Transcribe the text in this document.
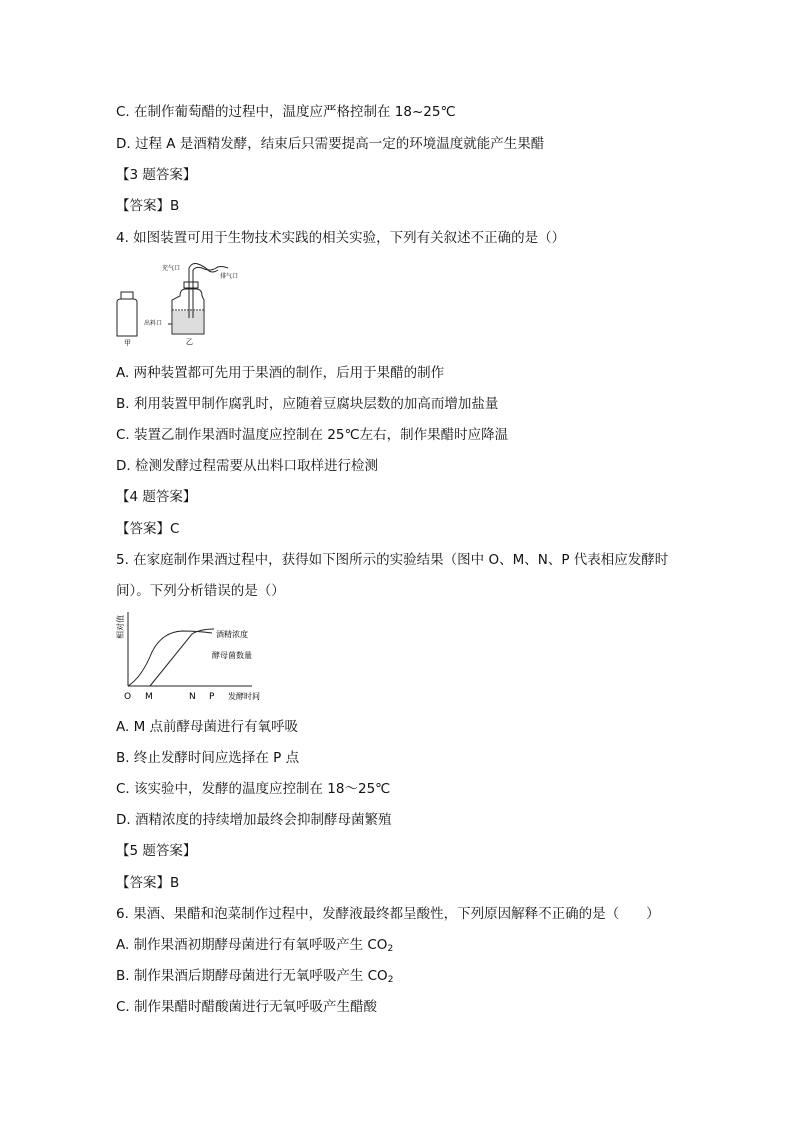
C. 在制作葡萄醋的过程中，温度应严格控制在 18~25℃
D. 过程 A 是酒精发酵，结束后只需要提高一定的环境温度就能产生果醋
【3 题答案】
【答案】B
4. 如图装置可用于生物技术实践的相关实验，下列有关叙述不正确的是（）
甲
充气口
排气口
出料口
乙
A. 两种装置都可先用于果酒的制作，后用于果醋的制作
B. 利用装置甲制作腐乳时，应随着豆腐块层数的加高而增加盐量
C. 装置乙制作果酒时温度应控制在 25℃左右，制作果醋时应降温
D. 检测发酵过程需要从出料口取样进行检测
【4 题答案】
【答案】C
5. 在家庭制作果酒过程中，获得如下图所示的实验结果（图中 O、M、N、P 代表相应发酵时
间）。下列分析错误的是（）
相对值	酒精浓度
酵母菌数量
O M	N P 发酵时间
A. M 点前酵母菌进行有氧呼吸
B. 终止发酵时间应选择在 P 点
C. 该实验中，发酵的温度应控制在 18～25℃
D. 酒精浓度的持续增加最终会抑制酵母菌繁殖
【5 题答案】
【答案】B
6. 果酒、果醋和泡菜制作过程中，发酵液最终都呈酸性，下列原因解释不正确的是（　　）
A. 制作果酒初期酵母菌进行有氧呼吸产生 $CO_2$
B. 制作果酒后期酵母菌进行无氧呼吸产生 $CO_2$
C. 制作果醋时醋酸菌进行无氧呼吸产生醋酸
